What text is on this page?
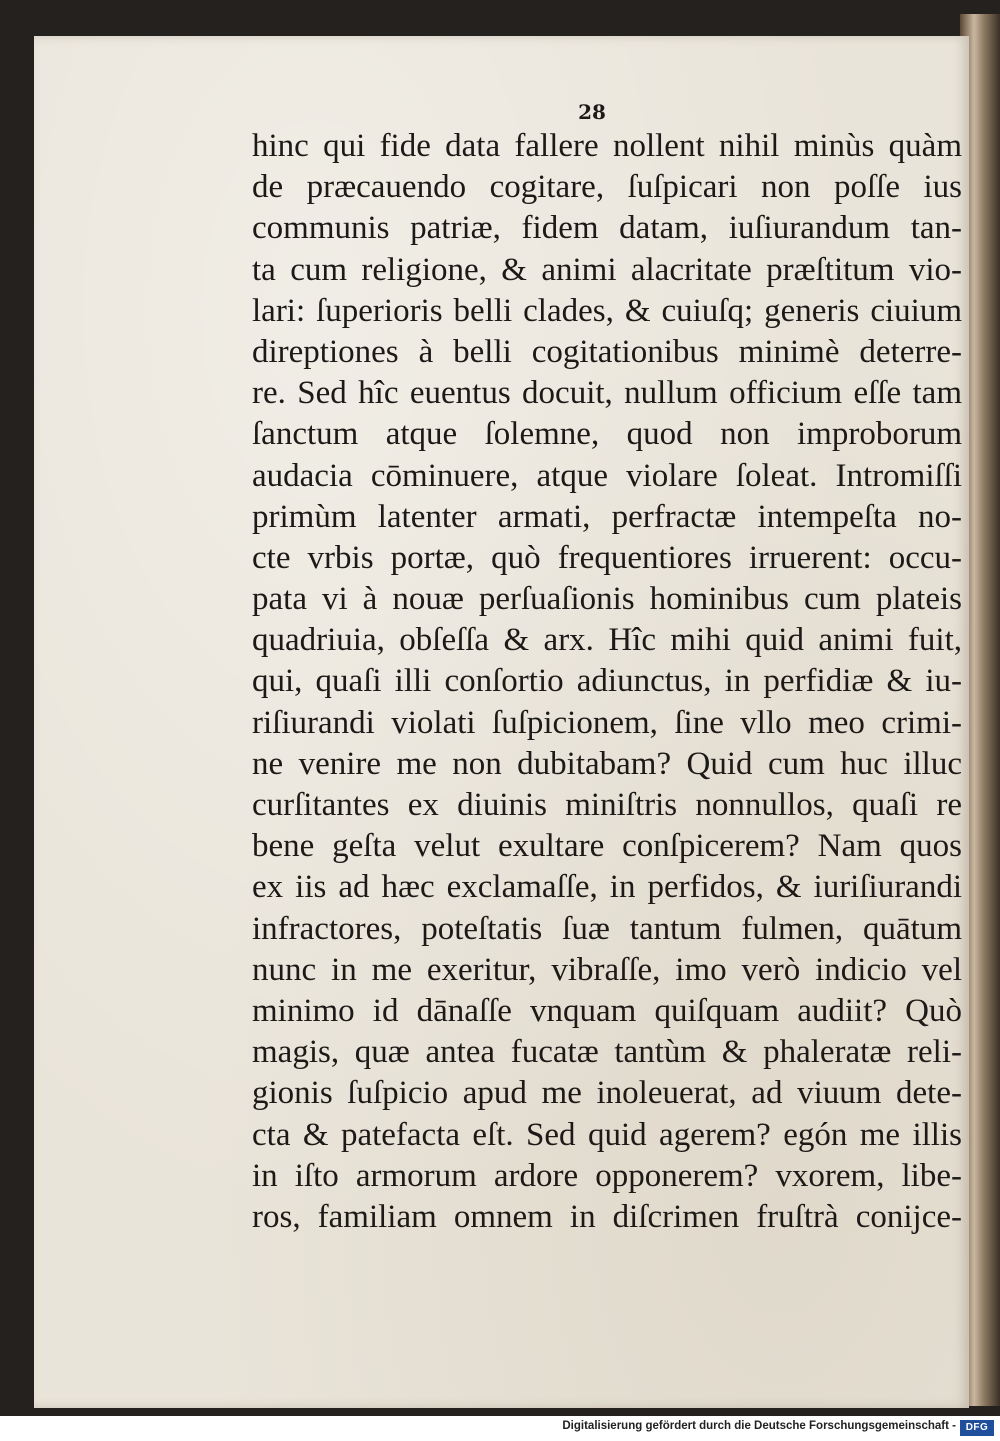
28
hinc qui fide data fallere nollent nihil minùs quàm
de præcauendo cogitare, ſuſpicari non poſſe ius
communis patriæ, fidem datam, iuſiurandum tan-
ta cum religione, & animi alacritate præſtitum vio-
lari: ſuperioris belli clades, & cuiuſq; generis ciuium
direptiones à belli cogitationibus minimè deterre-
re. Sed hîc euentus docuit, nullum officium eſſe tam
ſanctum atque ſolemne, quod non improborum
audacia cōminuere, atque violare ſoleat. Intromiſſi
primùm latenter armati, perfractæ intempeſta no-
cte vrbis portæ, quò frequentiores irruerent: occu-
pata vi à nouæ perſuaſionis hominibus cum plateis
quadriuia, obſeſſa & arx. Hîc mihi quid animi fuit,
qui, quaſi illi conſortio adiunctus, in perfidiæ & iu-
riſiurandi violati ſuſpicionem, ſine vllo meo crimi-
ne venire me non dubitabam? Quid cum huc illuc
curſitantes ex diuinis miniſtris nonnullos, quaſi re
bene geſta velut exultare conſpicerem? Nam quos
ex iis ad hæc exclamaſſe, in perfidos, & iuriſiurandi
infractores, poteſtatis ſuæ tantum fulmen, quātum
nunc in me exeritur, vibraſſe, imo verò indicio vel
minimo id dānaſſe vnquam quiſquam audiit? Quò
magis, quæ antea fucatæ tantùm & phaleratæ reli-
gionis ſuſpicio apud me inoleuerat, ad viuum dete-
cta & patefacta eſt. Sed quid agerem? egón me illis
in iſto armorum ardore opponerem? vxorem, libe-
ros, familiam omnem in diſcrimen fruſtrà conijce-
Digitalisierung gefördert durch die Deutsche Forschungsgemeinschaft - DFG
